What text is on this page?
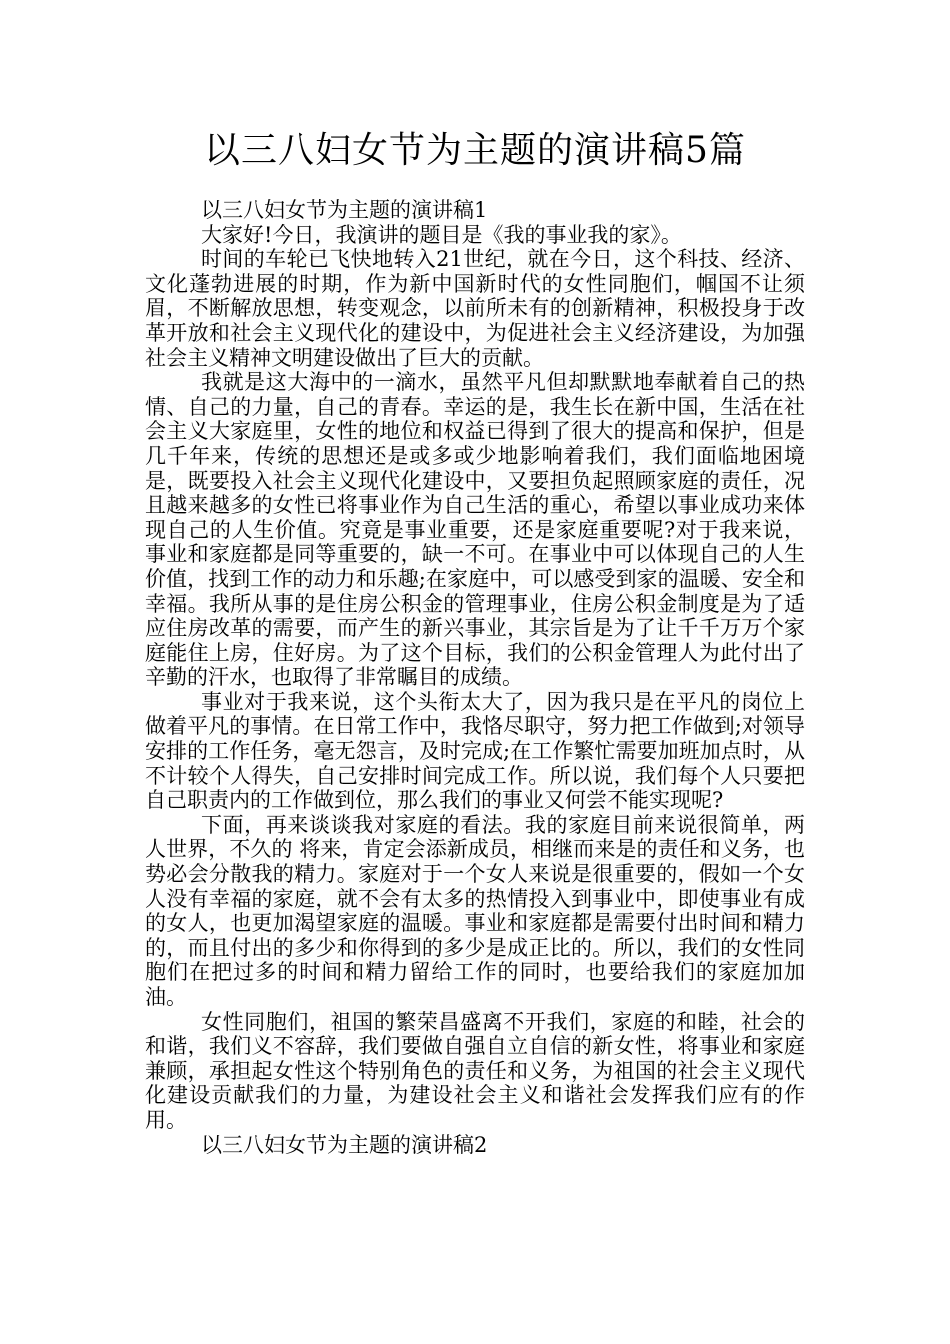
以三八妇女节为主题的演讲稿5篇

以三八妇女节为主题的演讲稿1

大家好!今日，我演讲的题目是《我的事业我的家》。

时间的车轮已飞快地转入21世纪，就在今日，这个科技、经济、文化蓬勃进展的时期，作为新中国新时代的女性同胞们，帼国不让须眉，不断解放思想，转变观念，以前所未有的创新精神，积极投身于改革开放和社会主义现代化的建设中，为促进社会主义经济建设，为加强社会主义精神文明建设做出了巨大的贡献。

我就是这大海中的一滴水，虽然平凡但却默默地奉献着自己的热情、自己的力量，自己的青春。幸运的是，我生长在新中国，生活在社会主义大家庭里，女性的地位和权益已得到了很大的提高和保护，但是几千年来，传统的思想还是或多或少地影响着我们，我们面临地困境是，既要投入社会主义现代化建设中，又要担负起照顾家庭的责任，况且越来越多的女性已将事业作为自己生活的重心，希望以事业成功来体现自己的人生价值。究竟是事业重要，还是家庭重要呢?对于我来说，事业和家庭都是同等重要的，缺一不可。在事业中可以体现自己的人生价值，找到工作的动力和乐趣;在家庭中，可以感受到家的温暖、安全和幸福。我所从事的是住房公积金的管理事业，住房公积金制度是为了适应住房改革的需要，而产生的新兴事业，其宗旨是为了让千千万万个家庭能住上房，住好房。为了这个目标，我们的公积金管理人为此付出了辛勤的汗水，也取得了非常瞩目的成绩。

事业对于我来说，这个头衔太大了，因为我只是在平凡的岗位上做着平凡的事情。在日常工作中，我恪尽职守，努力把工作做到;对领导安排的工作任务，毫无怨言，及时完成;在工作繁忙需要加班加点时，从不计较个人得失，自己安排时间完成工作。所以说，我们每个人只要把自己职责内的工作做到位，那么我们的事业又何尝不能实现呢?

下面，再来谈谈我对家庭的看法。我的家庭目前来说很简单，两人世界，不久的 将来，肯定会添新成员，相继而来是的责任和义务，也势必会分散我的精力。家庭对于一个女人来说是很重要的，假如一个女人没有幸福的家庭，就不会有太多的热情投入到事业中，即使事业有成的女人，也更加渴望家庭的温暖。事业和家庭都是需要付出时间和精力的，而且付出的多少和你得到的多少是成正比的。所以，我们的女性同胞们在把过多的时间和精力留给工作的同时，也要给我们的家庭加加油。

女性同胞们，祖国的繁荣昌盛离不开我们，家庭的和睦，社会的和谐，我们义不容辞，我们要做自强自立自信的新女性，将事业和家庭兼顾，承担起女性这个特别角色的责任和义务，为祖国的社会主义现代化建设贡献我们的力量，为建设社会主义和谐社会发挥我们应有的作用。

以三八妇女节为主题的演讲稿2
